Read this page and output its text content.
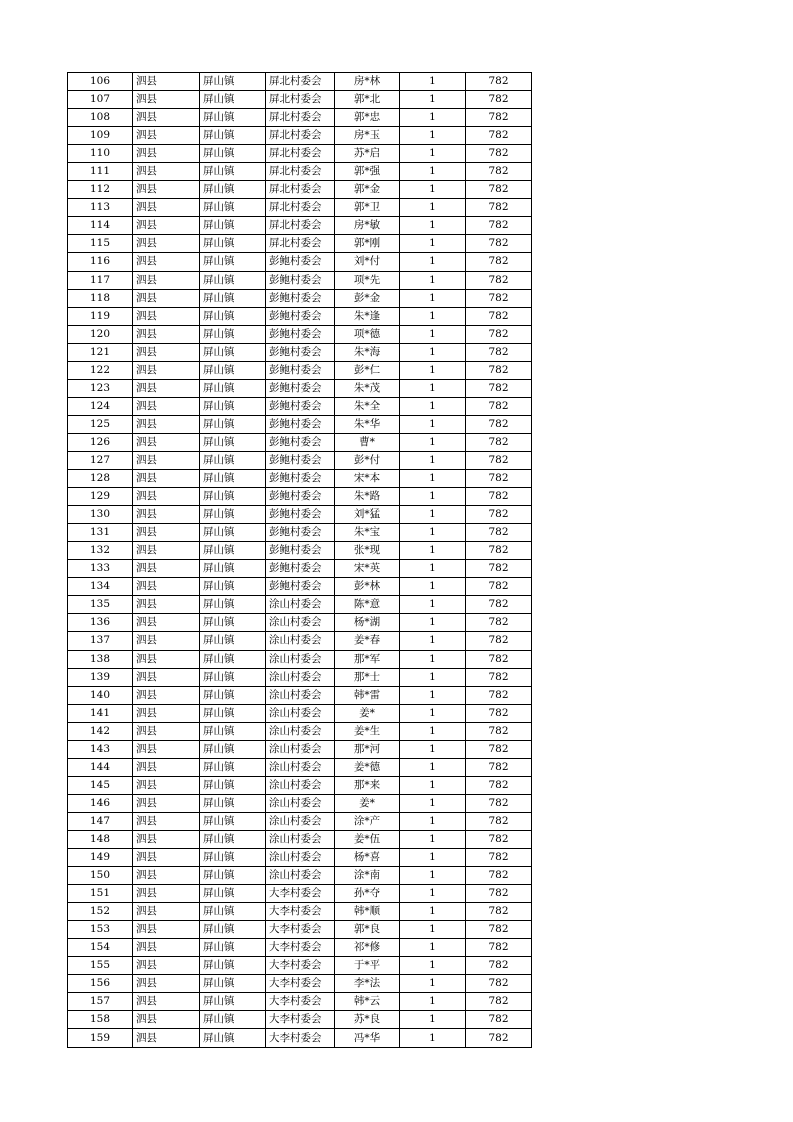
106	泗县	屏山镇	屏北村委会	房*林	1	782
107	泗县	屏山镇	屏北村委会	郭*北	1	782
108	泗县	屏山镇	屏北村委会	郭*忠	1	782
109	泗县	屏山镇	屏北村委会	房*玉	1	782
110	泗县	屏山镇	屏北村委会	苏*启	1	782
111	泗县	屏山镇	屏北村委会	郭*强	1	782
112	泗县	屏山镇	屏北村委会	郭*金	1	782
113	泗县	屏山镇	屏北村委会	郭*卫	1	782
114	泗县	屏山镇	屏北村委会	房*敏	1	782
115	泗县	屏山镇	屏北村委会	郭*刚	1	782
116	泗县	屏山镇	彭鲍村委会	刘*付	1	782
117	泗县	屏山镇	彭鲍村委会	项*先	1	782
118	泗县	屏山镇	彭鲍村委会	彭*金	1	782
119	泗县	屏山镇	彭鲍村委会	朱*逢	1	782
120	泗县	屏山镇	彭鲍村委会	项*德	1	782
121	泗县	屏山镇	彭鲍村委会	朱*海	1	782
122	泗县	屏山镇	彭鲍村委会	彭*仁	1	782
123	泗县	屏山镇	彭鲍村委会	朱*茂	1	782
124	泗县	屏山镇	彭鲍村委会	朱*全	1	782
125	泗县	屏山镇	彭鲍村委会	朱*华	1	782
126	泗县	屏山镇	彭鲍村委会	曹*	1	782
127	泗县	屏山镇	彭鲍村委会	彭*付	1	782
128	泗县	屏山镇	彭鲍村委会	宋*本	1	782
129	泗县	屏山镇	彭鲍村委会	朱*路	1	782
130	泗县	屏山镇	彭鲍村委会	刘*猛	1	782
131	泗县	屏山镇	彭鲍村委会	朱*宝	1	782
132	泗县	屏山镇	彭鲍村委会	张*现	1	782
133	泗县	屏山镇	彭鲍村委会	宋*英	1	782
134	泗县	屏山镇	彭鲍村委会	彭*林	1	782
135	泗县	屏山镇	涂山村委会	陈*意	1	782
136	泗县	屏山镇	涂山村委会	杨*湖	1	782
137	泗县	屏山镇	涂山村委会	姜*春	1	782
138	泗县	屏山镇	涂山村委会	那*军	1	782
139	泗县	屏山镇	涂山村委会	那*士	1	782
140	泗县	屏山镇	涂山村委会	韩*雷	1	782
141	泗县	屏山镇	涂山村委会	姜*	1	782
142	泗县	屏山镇	涂山村委会	姜*生	1	782
143	泗县	屏山镇	涂山村委会	那*河	1	782
144	泗县	屏山镇	涂山村委会	姜*德	1	782
145	泗县	屏山镇	涂山村委会	那*来	1	782
146	泗县	屏山镇	涂山村委会	姜*	1	782
147	泗县	屏山镇	涂山村委会	涂*产	1	782
148	泗县	屏山镇	涂山村委会	姜*伍	1	782
149	泗县	屏山镇	涂山村委会	杨*喜	1	782
150	泗县	屏山镇	涂山村委会	涂*南	1	782
151	泗县	屏山镇	大李村委会	孙*夺	1	782
152	泗县	屏山镇	大李村委会	韩*顺	1	782
153	泗县	屏山镇	大李村委会	郭*良	1	782
154	泗县	屏山镇	大李村委会	祁*修	1	782
155	泗县	屏山镇	大李村委会	于*平	1	782
156	泗县	屏山镇	大李村委会	李*法	1	782
157	泗县	屏山镇	大李村委会	韩*云	1	782
158	泗县	屏山镇	大李村委会	苏*良	1	782
159	泗县	屏山镇	大李村委会	冯*华	1	782
